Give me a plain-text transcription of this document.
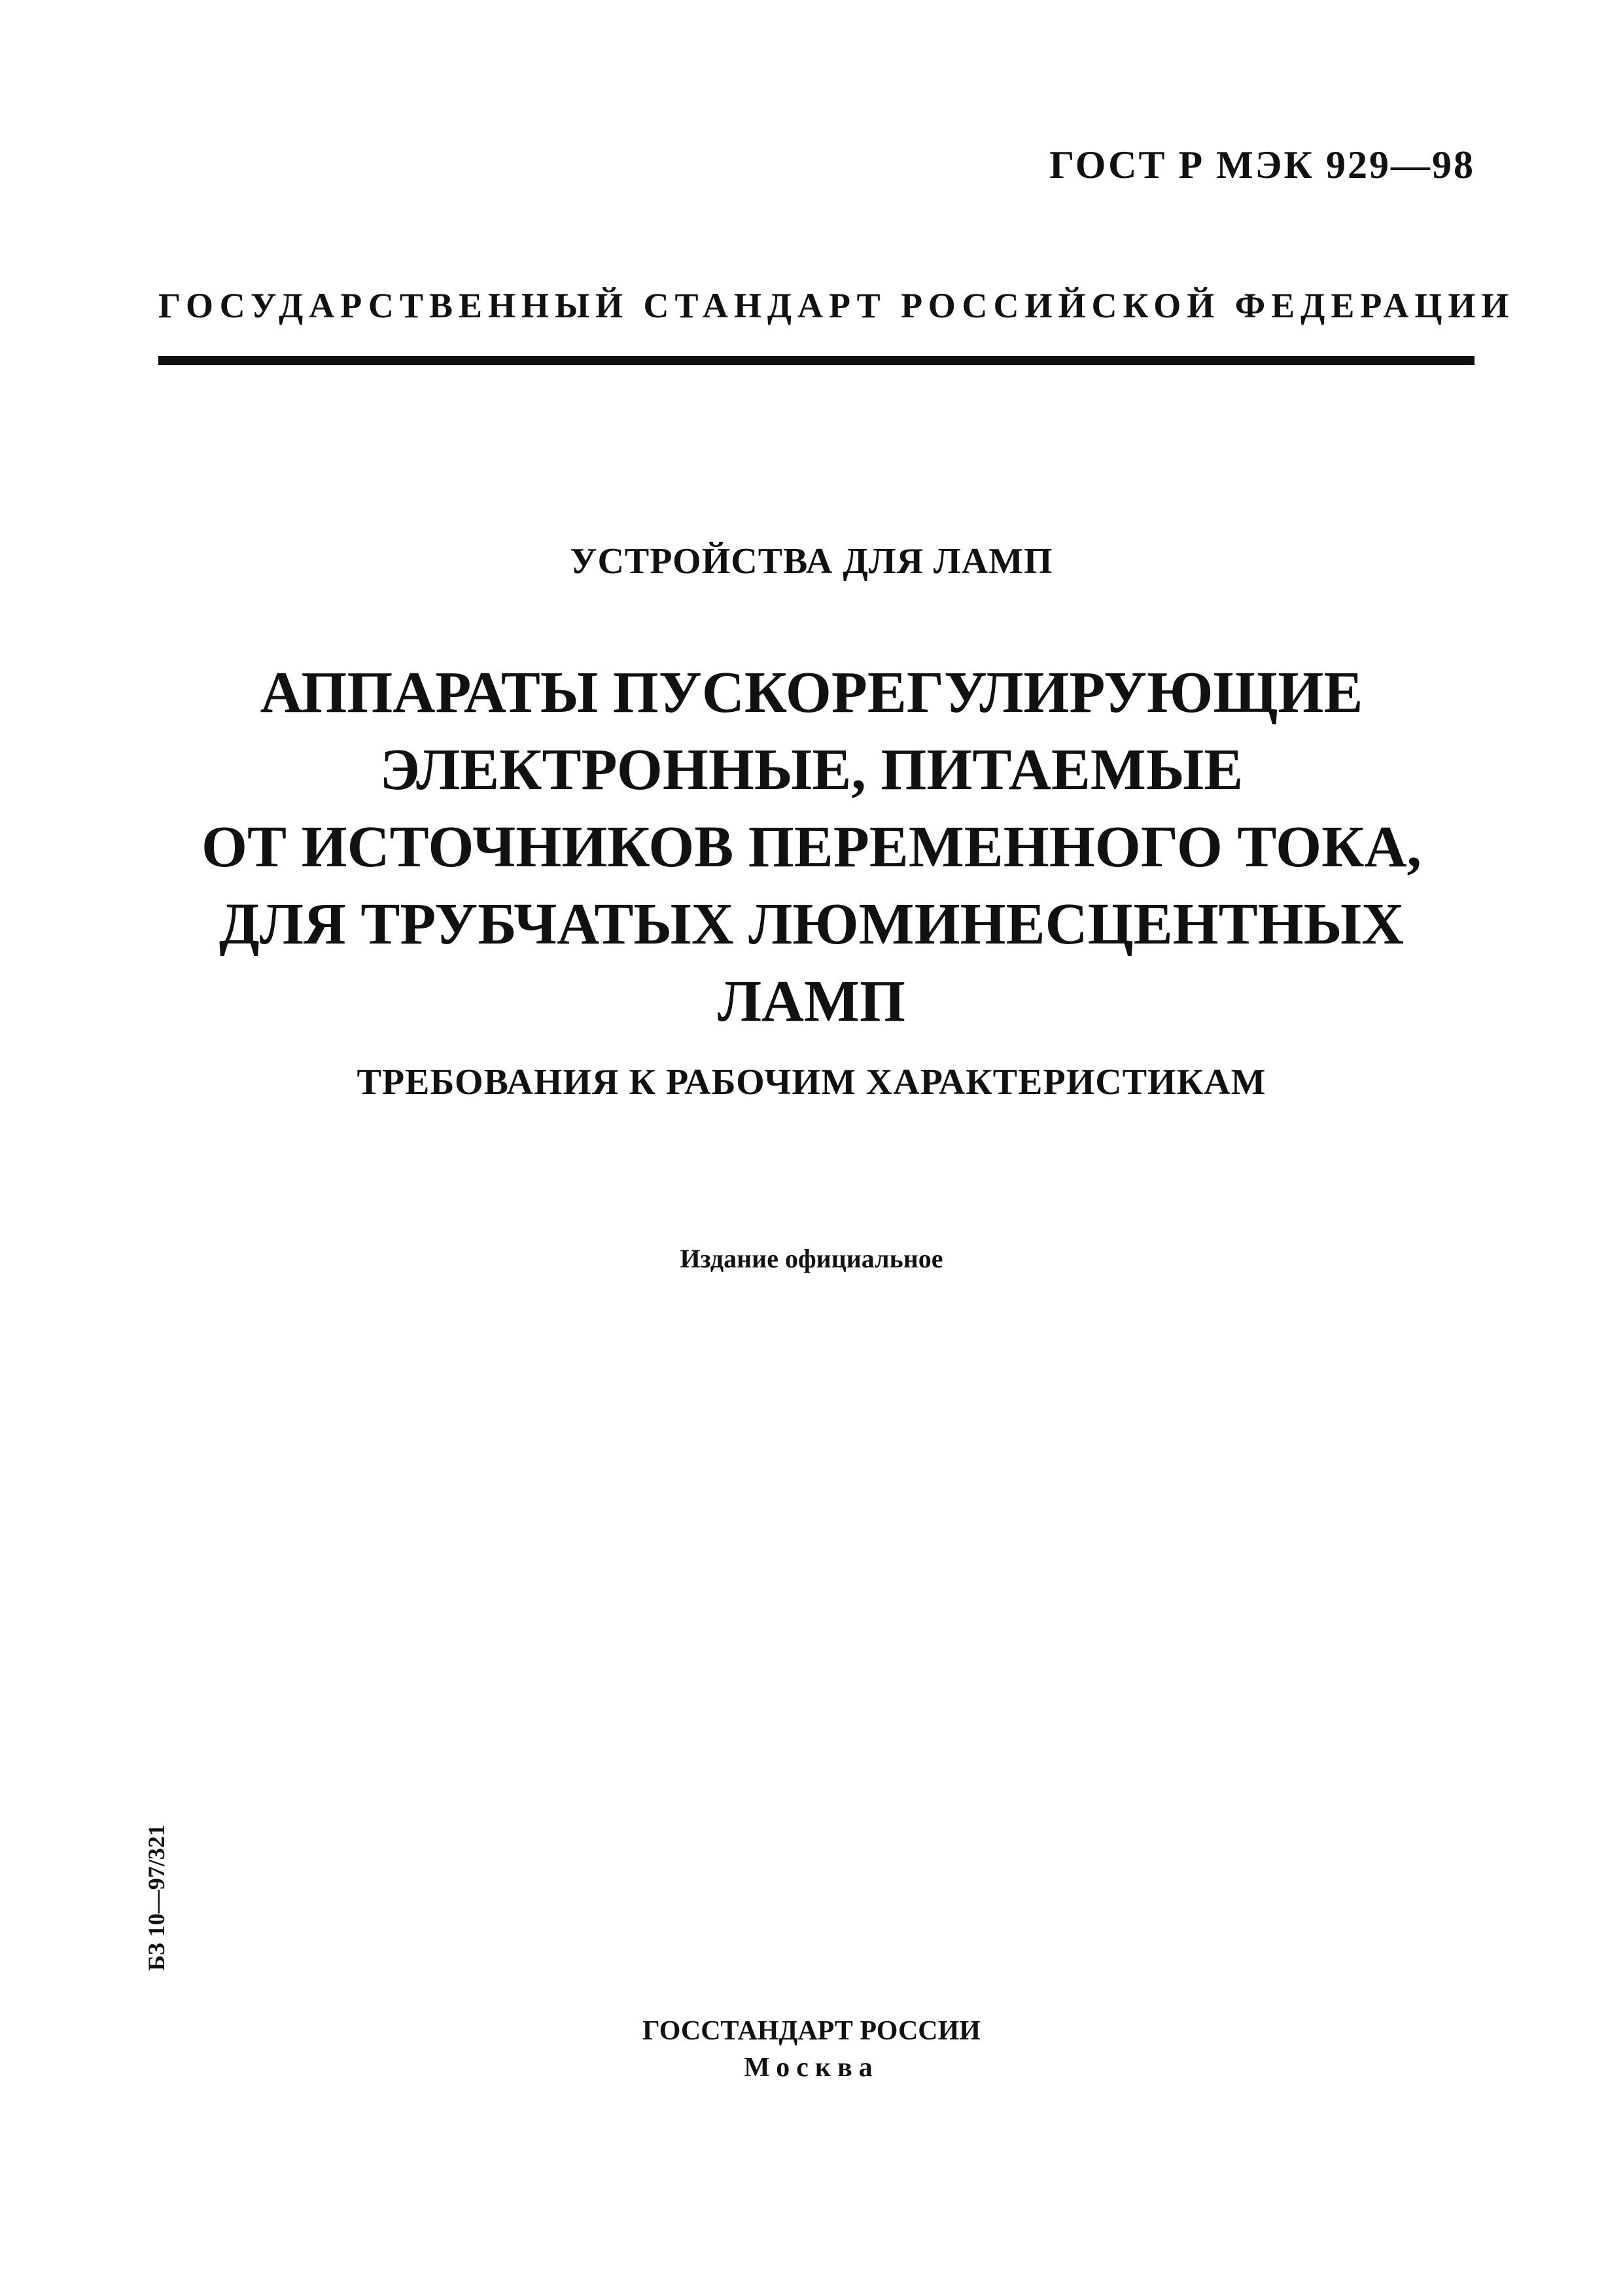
ГОСТ Р МЭК 929—98
ГОСУДАРСТВЕННЫЙ СТАНДАРТ РОССИЙСКОЙ ФЕДЕРАЦИИ
УСТРОЙСТВА ДЛЯ ЛАМП
АППАРАТЫ ПУСКОРЕГУЛИРУЮЩИЕ
ЭЛЕКТРОННЫЕ, ПИТАЕМЫЕ
ОТ ИСТОЧНИКОВ ПЕРЕМЕННОГО ТОКА,
ДЛЯ ТРУБЧАТЫХ ЛЮМИНЕСЦЕНТНЫХ
ЛАМП
ТРЕБОВАНИЯ К РАБОЧИМ ХАРАКТЕРИСТИКАМ
Издание официальное
БЗ 10—97/321
ГОССТАНДАРТ РОССИИ
Москва
